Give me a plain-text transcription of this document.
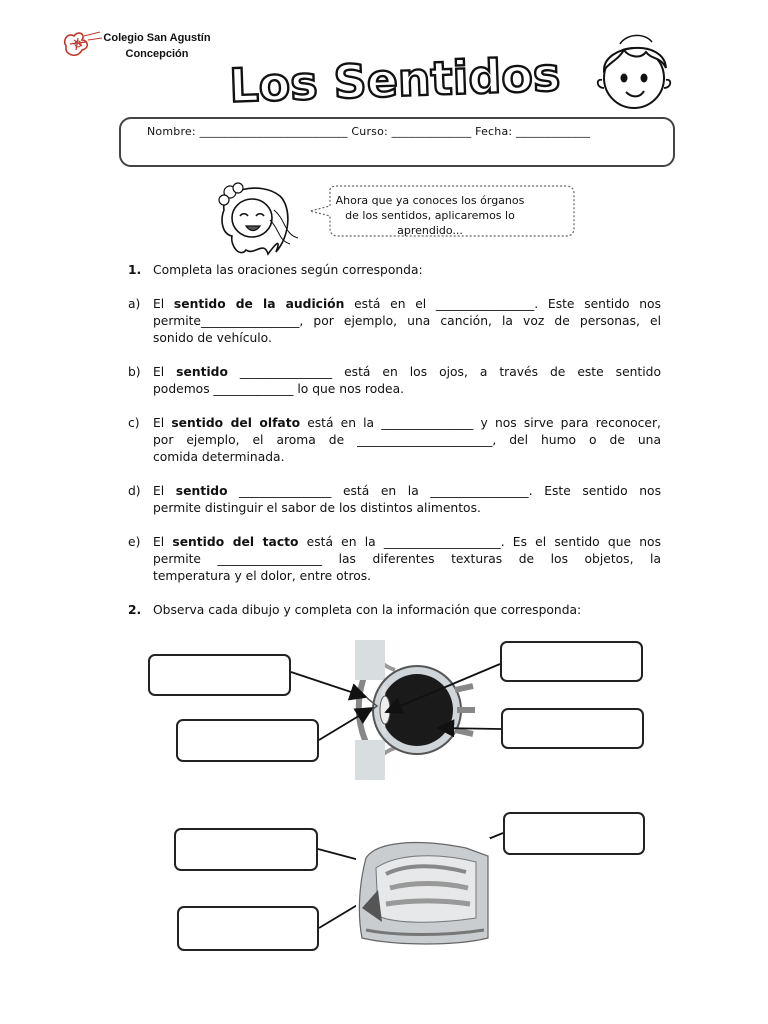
Colegio San Agustín
Concepción Los Sentidos
Nombre: __________________________ Curso: ______________ Fecha: _____________
Ahora que ya conoces los órganos
de los sentidos, aplicaremos lo
aprendido...
1. Completa las oraciones según corresponda:
a) El sentido de la audición está en el ________________. Este sentido nos
permite________________, por ejemplo, una canción, la voz de personas, el
sonido de vehículo.
b) El sentido _______________ está en los ojos, a través de este sentido
podemos _____________ lo que nos rodea.
c) El sentido del olfato está en la _______________ y nos sirve para reconocer,
por ejemplo, el aroma de ______________________, del humo o de una
comida determinada.
d) El sentido _______________ está en la ________________. Este sentido nos
permite distinguir el sabor de los distintos alimentos.
e) El sentido del tacto está en la ___________________. Es el sentido que nos
permite _________________ las diferentes texturas de los objetos, la
temperatura y el dolor, entre otros.
2. Observa cada dibujo y completa con la información que corresponda:
